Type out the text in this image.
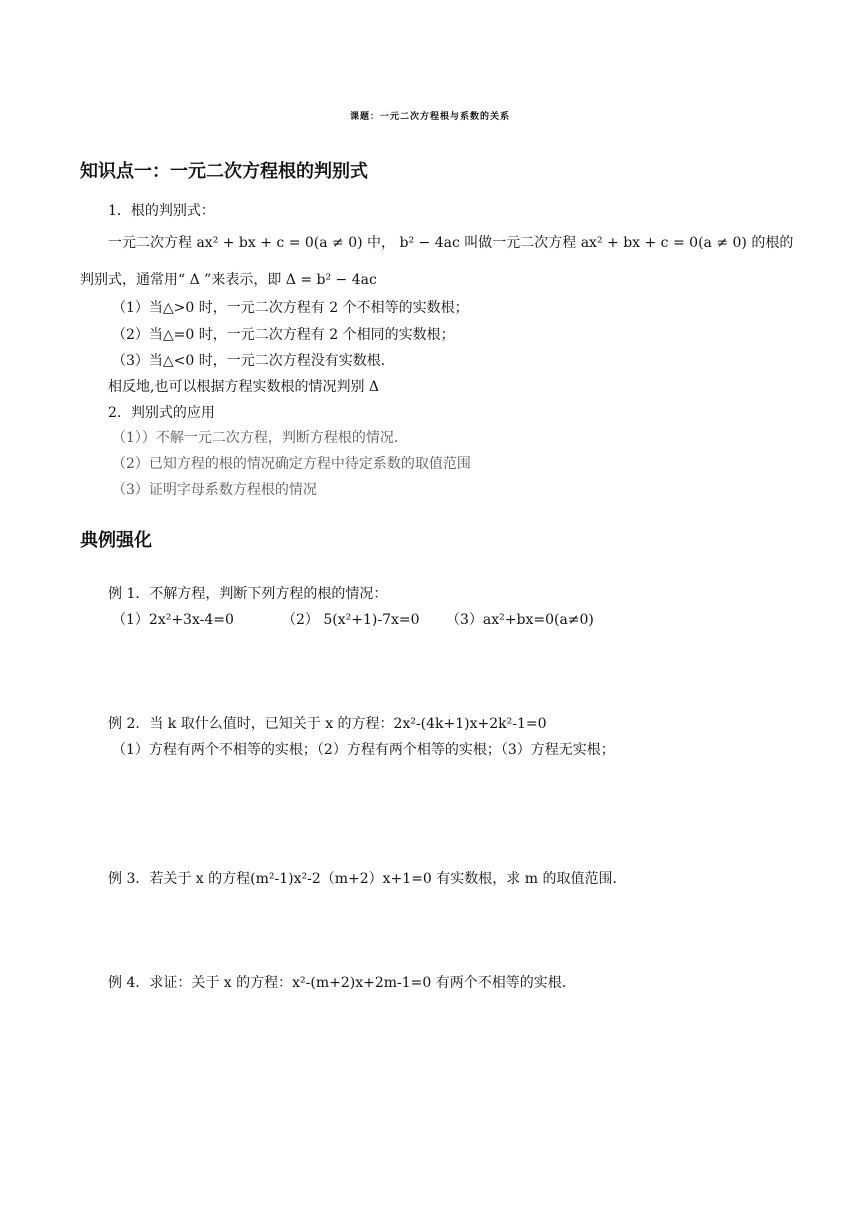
课题：一元二次方程根与系数的关系
知识点一：一元二次方程根的判别式
1．根的判别式：
一元二次方程 ax² + bx + c = 0(a ≠ 0) 中， b² − 4ac 叫做一元二次方程 ax² + bx + c = 0(a ≠ 0) 的根的
判别式，通常用“ Δ ”来表示，即 Δ = b² − 4ac
（1）当△>0 时，一元二次方程有 2 个不相等的实数根；
（2）当△=0 时，一元二次方程有 2 个相同的实数根；
（3）当△<0 时，一元二次方程没有实数根．
相反地,也可以根据方程实数根的情况判别 Δ
2．判别式的应用
（1））不解一元二次方程，判断方程根的情况．
（2）已知方程的根的情况确定方程中待定系数的取值范围
（3）证明字母系数方程根的情况
典例强化
例 1．不解方程，判断下列方程的根的情况：
（1）2x²+3x-4=0	（2） 5(x²+1)-7x=0 （3）ax²+bx=0(a≠0)
例 2．当 k 取什么值时，已知关于 x 的方程：2x²-(4k+1)x+2k²-1=0
（1）方程有两个不相等的实根；（2）方程有两个相等的实根；（3）方程无实根；
例 3．若关于 x 的方程(m²-1)x²-2（m+2）x+1=0 有实数根，求 m 的取值范围．
例 4．求证：关于 x 的方程：x²-(m+2)x+2m-1=0 有两个不相等的实根．
